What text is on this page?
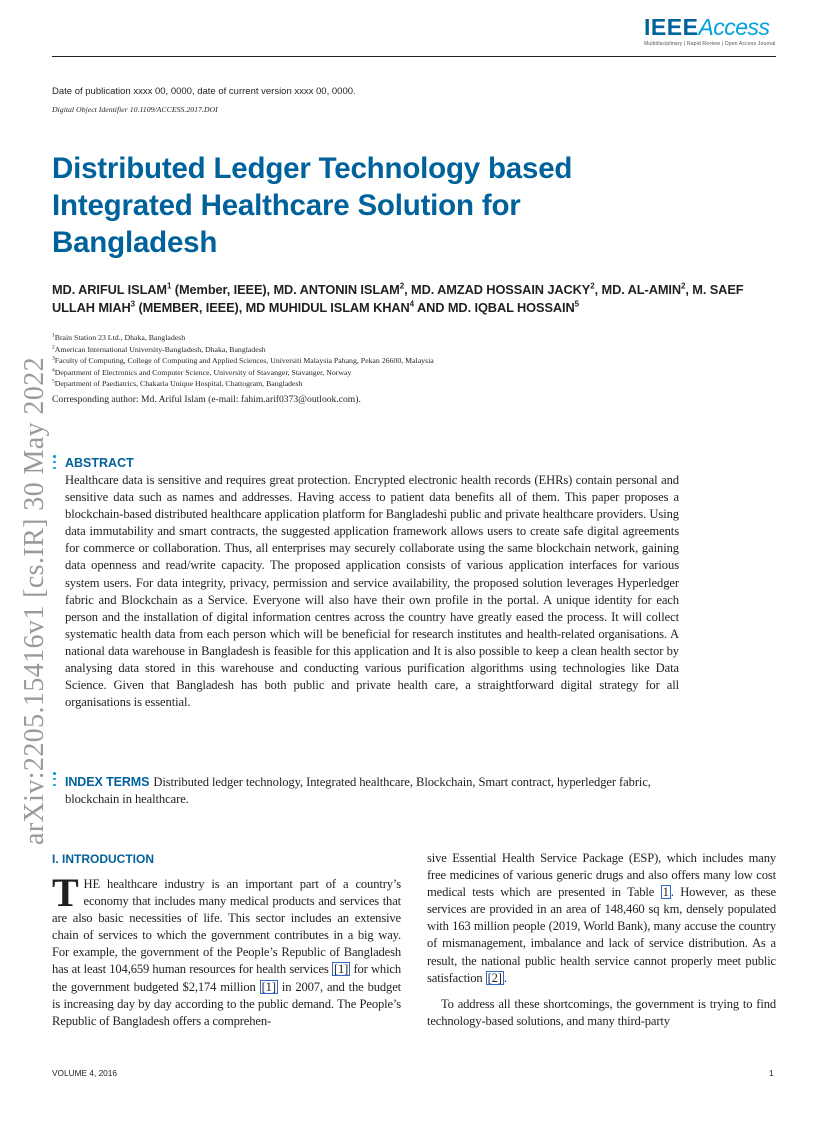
IEEEAccess
Multidisciplinary | Rapid Review | Open Access Journal
Date of publication xxxx 00, 0000, date of current version xxxx 00, 0000.
Digital Object Identifier 10.1109/ACCESS.2017.DOI
Distributed Ledger Technology based Integrated Healthcare Solution for Bangladesh
MD. ARIFUL ISLAM$^1$ (Member, IEEE), MD. ANTONIN ISLAM$^2$, MD. AMZAD HOSSAIN JACKY$^2$, MD. AL-AMIN$^2$, M. SAEF ULLAH MIAH$^3$ (MEMBER, IEEE), MD MUHIDUL ISLAM KHAN$^4$ AND MD. IQBAL HOSSAIN$^5$
$^1$Brain Station 23 Ltd., Dhaka, Bangladesh
$^2$American International University-Bangladesh, Dhaka, Bangladesh
$^3$Faculty of Computing, College of Computing and Applied Sciences, Universiti Malaysia Pahang, Pekan 26600, Malaysia
$^4$Department of Electronics and Computer Science, University of Stavanger, Stavanger, Norway
$^5$Department of Paediatrics, Chakaria Unique Hospital, Chattogram, Bangladesh
Corresponding author: Md. Ariful Islam (e-mail: fahim.arif0373@outlook.com).
arXiv:2205.15416v1 [cs.IR] 30 May 2022	ABSTRACT
Healthcare data is sensitive and requires great protection. Encrypted electronic health records (EHRs) contain personal and sensitive data such as names and addresses. Having access to patient data benefits all of them. This paper proposes a blockchain-based distributed healthcare application platform for Bangladeshi public and private healthcare providers. Using data immutability and smart contracts, the suggested application framework allows users to create safe digital agreements for commerce or collaboration. Thus, all enterprises may securely collaborate using the same blockchain network, gaining data openness and read/write capacity. The proposed application consists of various application interfaces for various system users. For data integrity, privacy, permission and service availability, the proposed solution leverages Hyperledger fabric and Blockchain as a Service. Everyone will also have their own profile in the portal. A unique identity for each person and the installation of digital information centres across the country have greatly eased the process. It will collect systematic health data from each person which will be beneficial for research institutes and health-related organisations. A national data warehouse in Bangladesh is feasible for this application and It is also possible to keep a clean health sector by analysing data stored in this warehouse and conducting various purification algorithms using technologies like Data Science. Given that Bangladesh has both public and private health care, a straightforward digital strategy for all organisations is essential.
INDEX TERMS Distributed ledger technology, Integrated healthcare, Blockchain, Smart contract, hyperledger fabric, blockchain in healthcare.
I. INTRODUCTION
THE healthcare industry is an important part of a country’s economy that includes many medical products and services that are also basic necessities of life. This sector includes an extensive chain of services to which the government contributes in a big way. For example, the government of the People’s Republic of Bangladesh has at least 104,659 human resources for health services [1] for which the government budgeted $2,174 million [1] in 2007, and the budget is increasing day by day according to the public demand. The People’s Republic of Bangladesh offers a comprehen-
sive Essential Health Service Package (ESP), which includes many free medicines of various generic drugs and also offers many low cost medical tests which are presented in Table 1 . However, as these services are provided in an area of 148,460 sq km, densely populated with 163 million people (2019, World Bank), many accuse the country of mismanagement, imbalance and lack of service distribution. As a result, the national public health service cannot properly meet public satisfaction [2] .
To address all these shortcomings, the government is trying to find technology-based solutions, and many third-party
VOLUME 4, 2016	1
